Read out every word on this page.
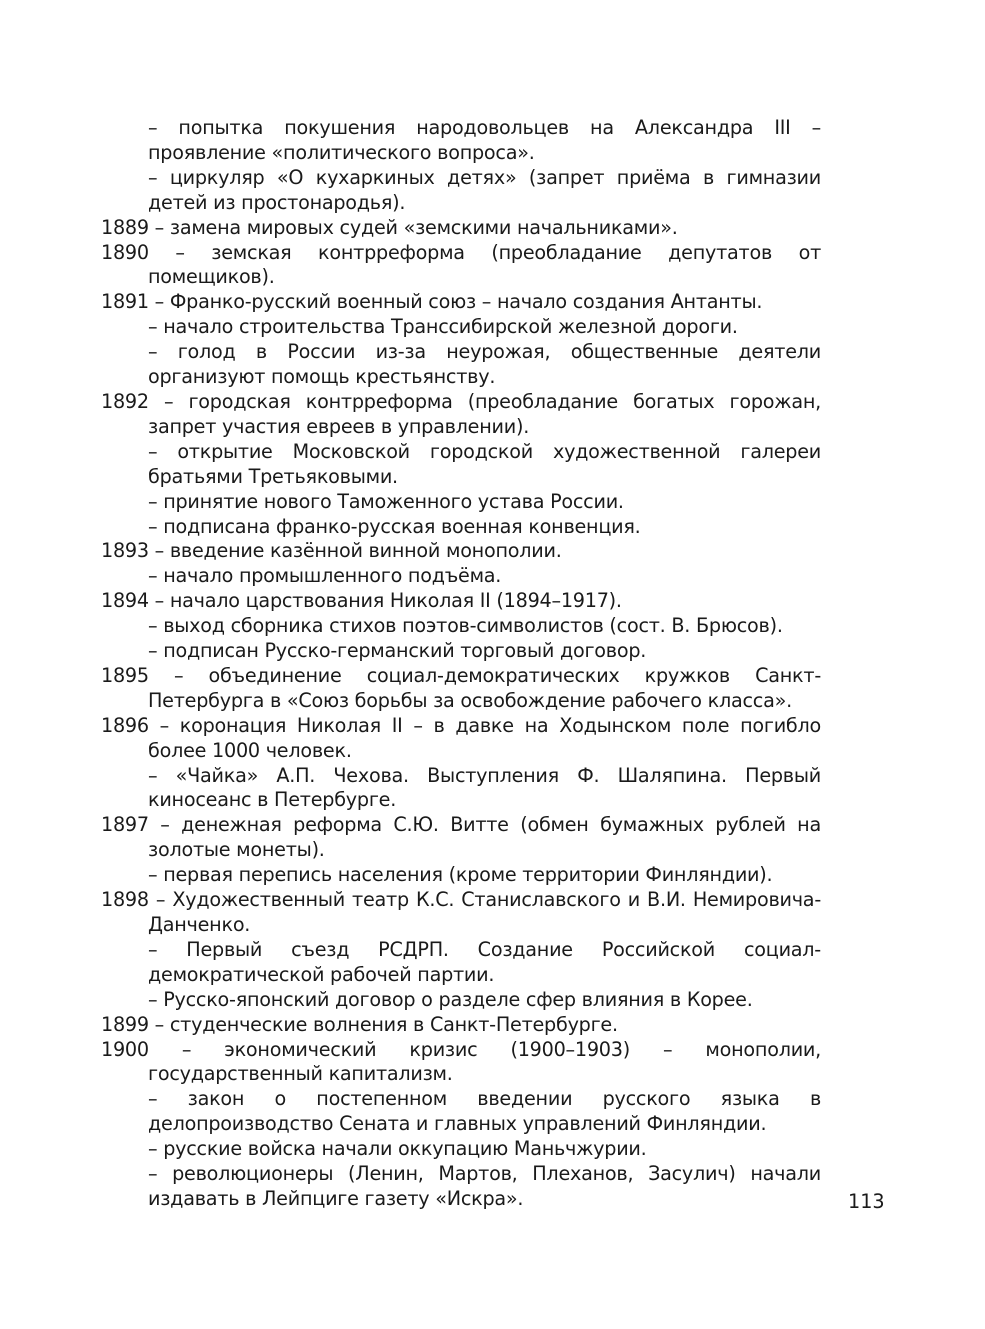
– попытка покушения народовольцев на Александра III – проявление «политического вопроса».

– циркуляр «О кухаркиных детях» (запрет приёма в гимназии детей из простонародья).

1889 – замена мировых судей «земскими начальниками».

1890 – земская контрреформа (преобладание депутатов от помещиков).

1891 – Франко-русский военный союз – начало создания Антанты.

– начало строительства Транссибирской железной дороги.

– голод в России из-за неурожая, общественные деятели организуют помощь крестьянству.

1892 – городская контрреформа (преобладание богатых горожан, запрет участия евреев в управлении).

– открытие Московской городской художественной галереи братьями Третьяковыми.

– принятие нового Таможенного устава России.

– подписана франко-русская военная конвенция.

1893 – введение казённой винной монополии.

– начало промышленного подъёма.

1894 – начало царствования Николая II (1894–1917).

– выход сборника стихов поэтов-символистов (сост. В. Брюсов).

– подписан Русско-германский торговый договор.

1895 – объединение социал-демократических кружков Санкт-Петербурга в «Союз борьбы за освобождение рабочего класса».

1896 – коронация Николая II – в давке на Ходынском поле погибло более 1000 человек.

– «Чайка» А.П. Чехова. Выступления Ф. Шаляпина. Первый киносеанс в Петербурге.

1897 – денежная реформа С.Ю. Витте (обмен бумажных рублей на золотые монеты).

– первая перепись населения (кроме территории Финляндии).

1898 – Художественный театр К.С. Станиславского и В.И. Немировича-Данченко.

– Первый съезд РСДРП. Создание Российской социал-демократической рабочей партии.

– Русско-японский договор о разделе сфер влияния в Корее.

1899 – студенческие волнения в Санкт-Петербурге.

1900 – экономический кризис (1900–1903) – монополии, государственный капитализм.

– закон о постепенном введении русского языка в делопроизводство Сената и главных управлений Финляндии.

– русские войска начали оккупацию Маньчжурии.

– революционеры (Ленин, Мартов, Плеханов, Засулич) начали издавать в Лейпциге газету «Искра».	113
